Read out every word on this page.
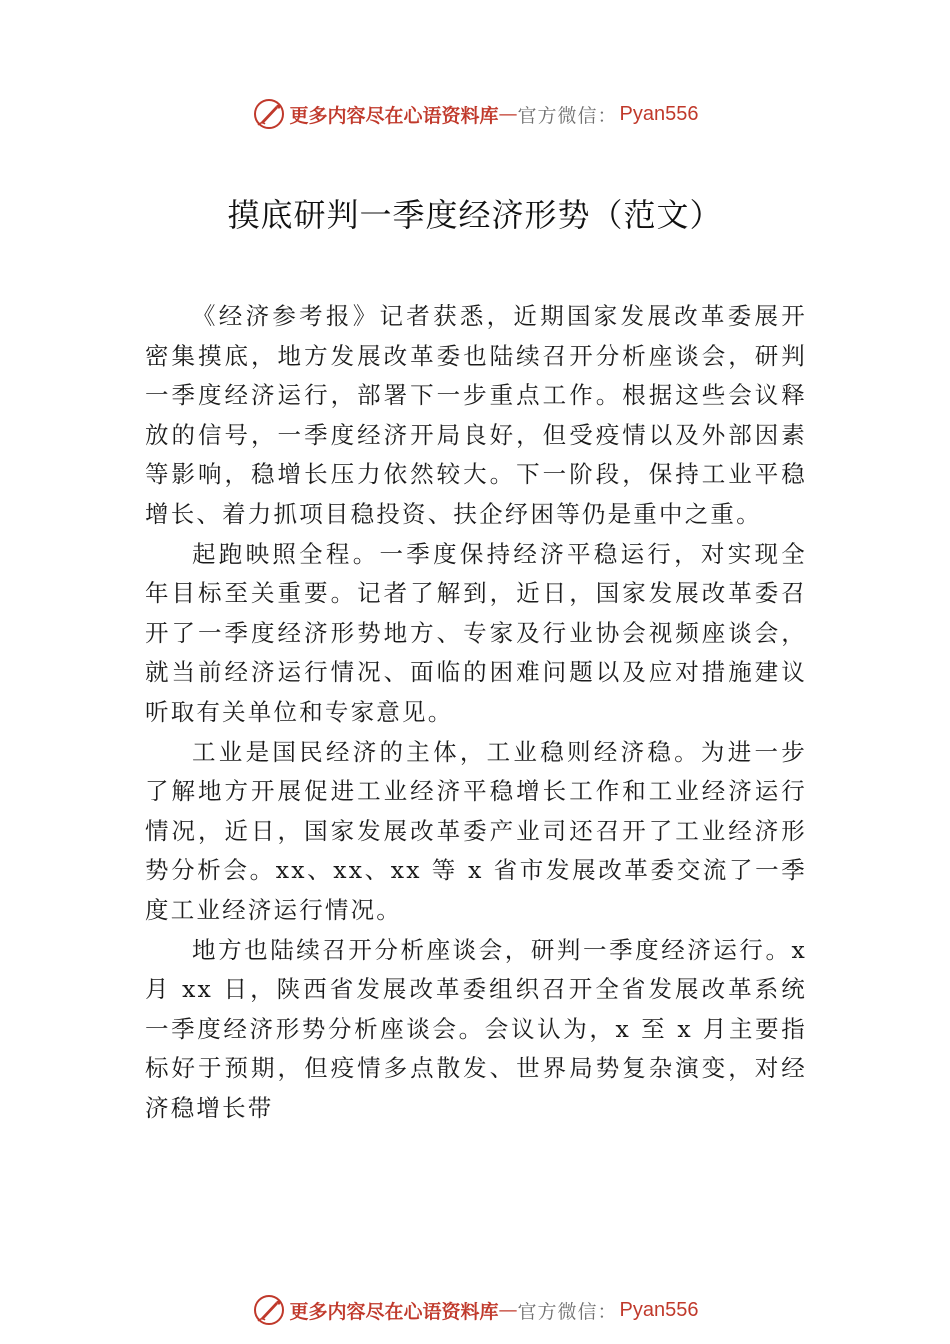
更多内容尽在心语资料库 — 官方微信： Pyan556
摸底研判一季度经济形势（范文）

《经济参考报》记者获悉，近期国家发展改革委展开密集摸底，地方发展改革委也陆续召开分析座谈会，研判一季度经济运行，部署下一步重点工作。根据这些会议释放的信号，一季度经济开局良好，但受疫情以及外部因素等影响，稳增长压力依然较大。下一阶段，保持工业平稳增长、着力抓项目稳投资、扶企纾困等仍是重中之重。

起跑映照全程。一季度保持经济平稳运行，对实现全年目标至关重要。记者了解到，近日，国家发展改革委召开了一季度经济形势地方、专家及行业协会视频座谈会，就当前经济运行情况、面临的困难问题以及应对措施建议听取有关单位和专家意见。

工业是国民经济的主体，工业稳则经济稳。为进一步了解地方开展促进工业经济平稳增长工作和工业经济运行情况，近日，国家发展改革委产业司还召开了工业经济形势分析会。xx、xx、xx 等 x 省市发展改革委交流了一季度工业经济运行情况。

地方也陆续召开分析座谈会，研判一季度经济运行。x 月 xx 日，陕西省发展改革委组织召开全省发展改革系统一季度经济形势分析座谈会。会议认为，x 至 x 月主要指标好于预期，但疫情多点散发、世界局势复杂演变，对经济稳增长带

更多内容尽在心语资料库 — 官方微信： Pyan556
